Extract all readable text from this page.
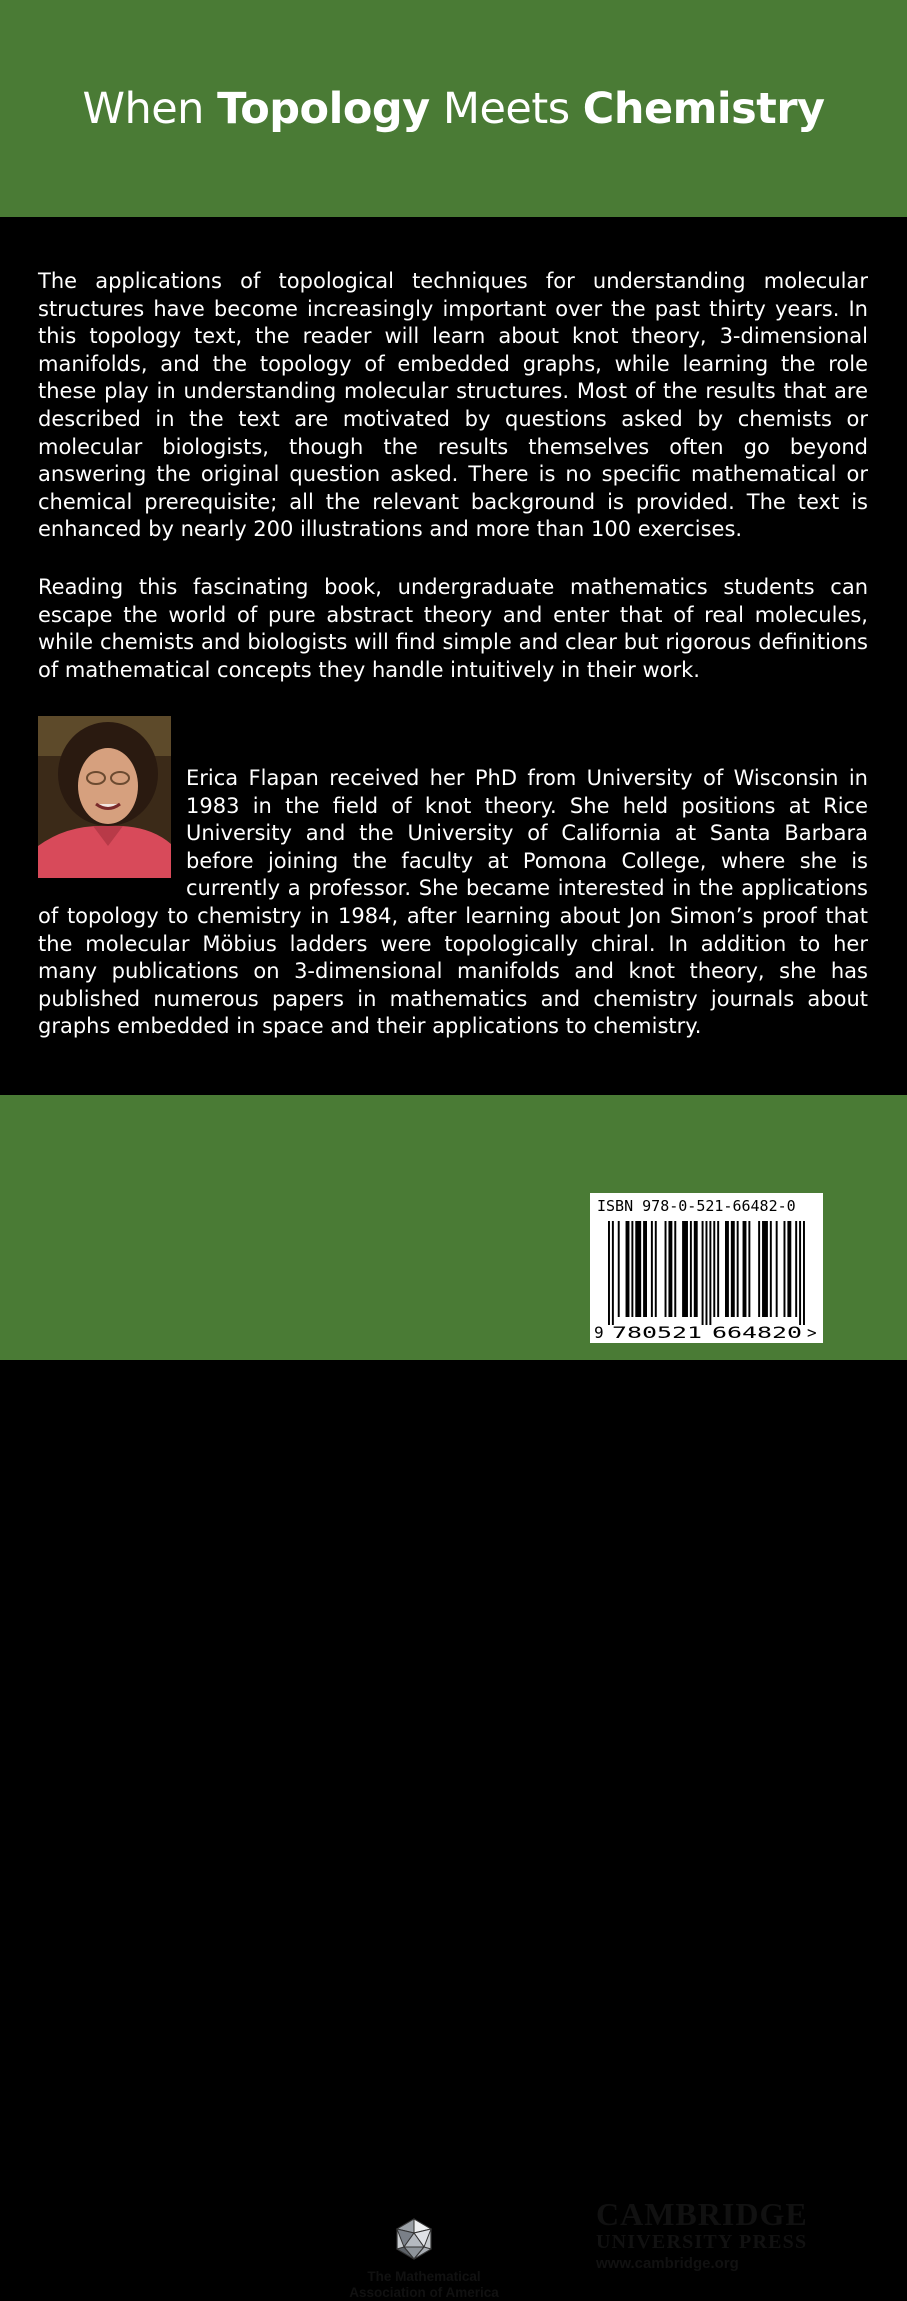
When Topology Meets Chemistry
The applications of topological techniques for understanding molecular structures have become increasingly important over the past thirty years. In this topology text, the reader will learn about knot theory, 3-dimensional manifolds, and the topology of embedded graphs, while learning the role these play in understanding molecular structures. Most of the results that are described in the text are motivated by questions asked by chemists or molecular biologists, though the results themselves often go beyond answering the original question asked. There is no specific mathematical or chemical prerequisite; all the relevant background is provided. The text is enhanced by nearly 200 illustrations and more than 100 exercises.
Reading this fascinating book, undergraduate mathematics students can escape the world of pure abstract theory and enter that of real molecules, while chemists and biologists will find simple and clear but rigorous definitions of mathematical concepts they handle intuitively in their work.
Erica Flapan received her PhD from University of Wisconsin in 1983 in the field of knot theory. She held positions at Rice University and the University of California at Santa Barbara before joining the faculty at Pomona College, where she is currently a professor. She became interested in the applications of topology to chemistry in 1984, after learning about Jon Simon’s proof that the molecular Möbius ladders were topologically chiral. In addition to her many publications on 3-dimensional manifolds and knot theory, she has published numerous papers in mathematics and chemistry journals about graphs embedded in space and their applications to chemistry.
The Mathematical
Association of America
CAMBRIDGE
UNIVERSITY PRESS
www.cambridge.org
ISBN 978-0-521-66482-0
9 780521 664820 >
